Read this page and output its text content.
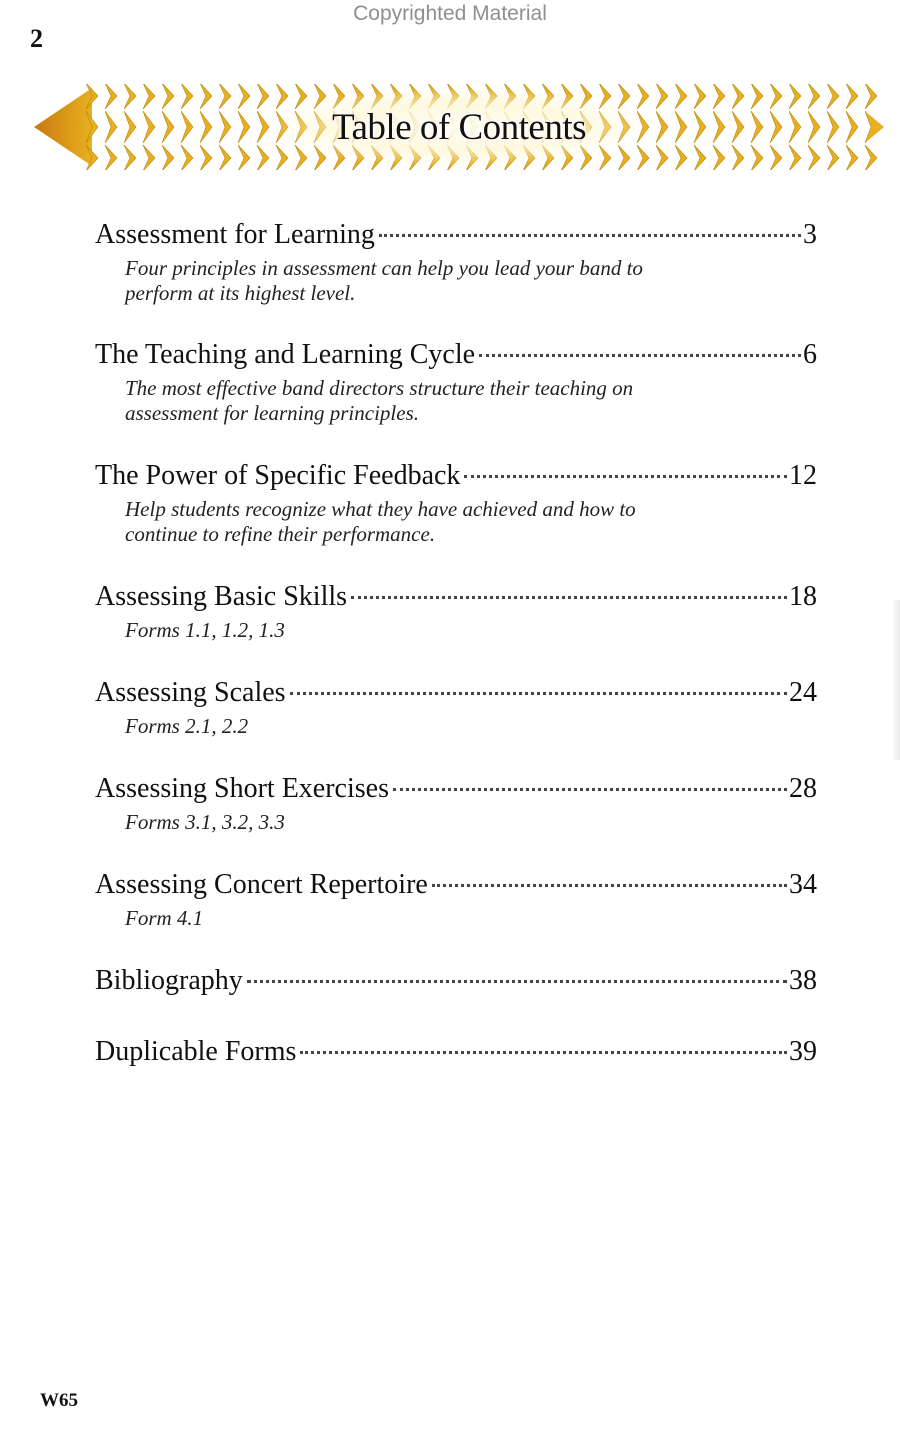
Copyrighted Material
2
Table of Contents
Assessment for Learning	3
Four principles in assessment can help you lead your band to perform at its highest level.
The Teaching and Learning Cycle	6
The most effective band directors structure their teaching on assessment for learning principles.
The Power of Specific Feedback	12
Help students recognize what they have achieved and how to continue to refine their performance.
Assessing Basic Skills	18
Forms 1.1, 1.2, 1.3
Assessing Scales	24
Forms 2.1, 2.2
Assessing Short Exercises	28
Forms 3.1, 3.2, 3.3
Assessing Concert Repertoire	34
Form 4.1
Bibliography	38
Duplicable Forms	39
W65
